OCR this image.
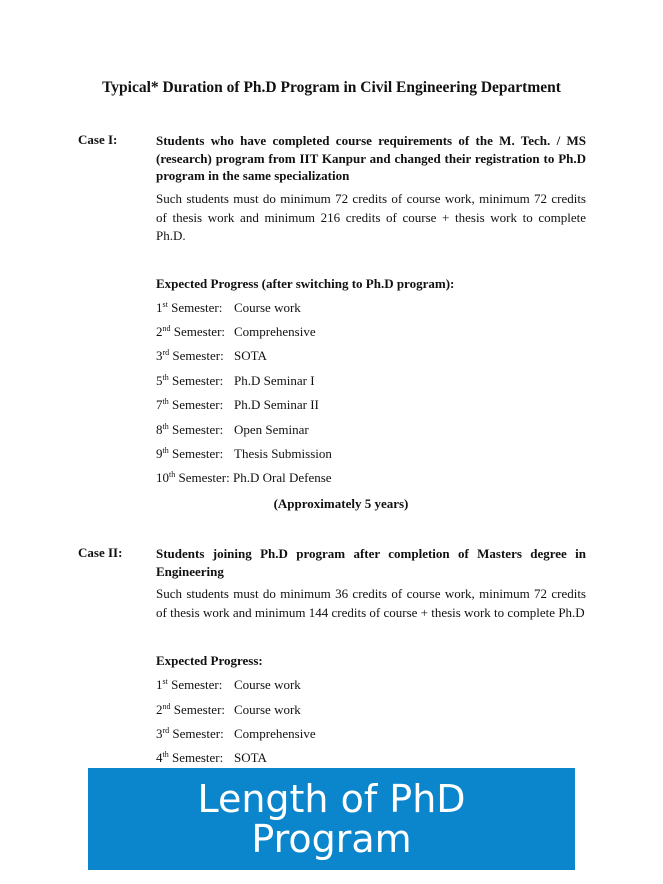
Typical* Duration of Ph.D Program in Civil Engineering Department

Case I:	Students who have completed course requirements of the M. Tech. / MS (research) program from IIT Kanpur and changed their registration to Ph.D program in the same specialization

Such students must do minimum 72 credits of course work, minimum 72 credits of thesis work and minimum 216 credits of course + thesis work to complete Ph.D.

Expected Progress (after switching to Ph.D program):

1st Semester: Course work

2nd Semester: Comprehensive

3rd Semester: SOTA

5th Semester: Ph.D Seminar I

7th Semester: Ph.D Seminar II

8th Semester: Open Seminar

9th Semester: Thesis Submission

10th Semester: Ph.D Oral Defense

(Approximately 5 years)

Case II:	Students joining Ph.D program after completion of Masters degree in Engineering

Such students must do minimum 36 credits of course work, minimum 72 credits of thesis work and minimum 144 credits of course + thesis work to complete Ph.D

Expected Progress:

1st Semester: Course work

2nd Semester: Course work

3rd Semester: Comprehensive

4th Semester: SOTA

Length of PhD Program
